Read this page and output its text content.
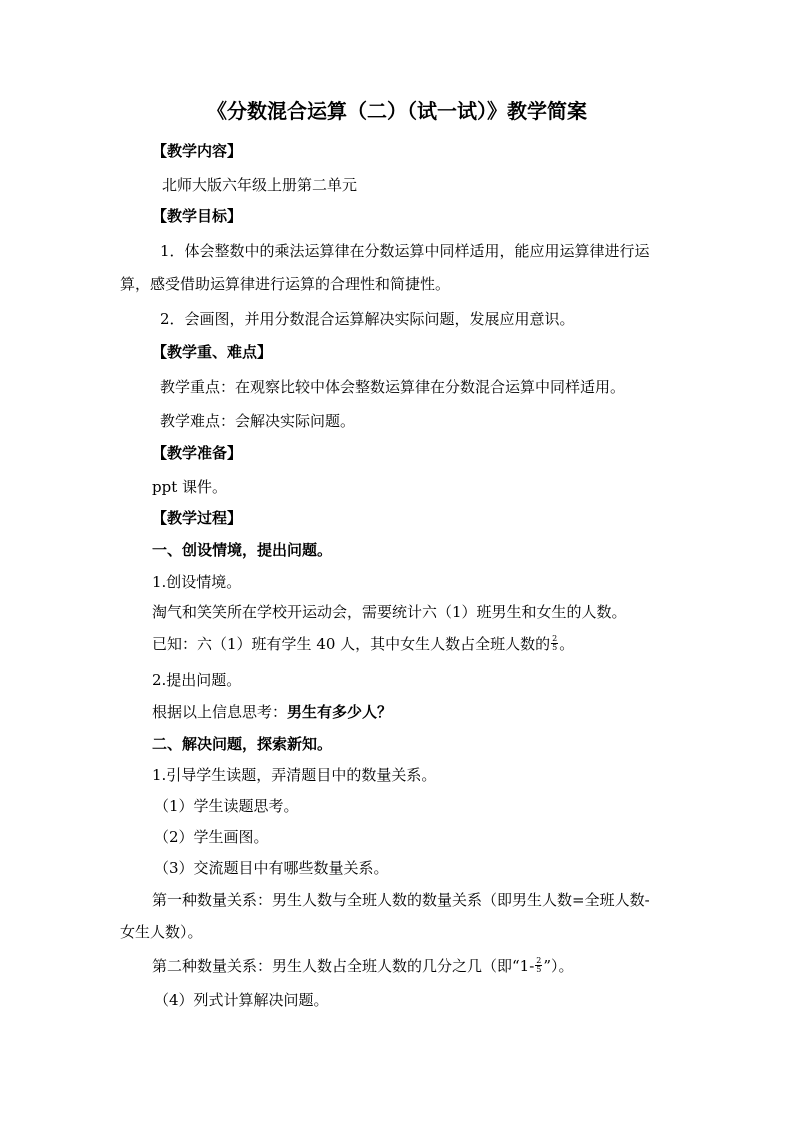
《分数混合运算（二）（试一试）》教学简案
【教学内容】
北师大版六年级上册第二单元
【教学目标】
1．体会整数中的乘法运算律在分数运算中同样适用，能应用运算律进行运
算，感受借助运算律进行运算的合理性和简捷性。
2．会画图，并用分数混合运算解决实际问题，发展应用意识。
【教学重、难点】
教学重点：在观察比较中体会整数运算律在分数混合运算中同样适用。
教学难点：会解决实际问题。
【教学准备】
ppt 课件。
【教学过程】
一、创设情境，提出问题。
1.创设情境。
淘气和笑笑所在学校开运动会，需要统计六（1）班男生和女生的人数。
已知：六（1）班有学生 40 人，其中女生人数占全班人数的 $\frac{2}{5}$ 。
2.提出问题。
根据以上信息思考：男生有多少人？
二、解决问题，探索新知。
1.引导学生读题，弄清题目中的数量关系。
（1）学生读题思考。
（2）学生画图。
（3）交流题目中有哪些数量关系。
第一种数量关系：男生人数与全班人数的数量关系（即男生人数=全班人数-
女生人数）。
第二种数量关系：男生人数占全班人数的几分之几（即“$1- \frac{2}{5}$ ”）。
（4）列式计算解决问题。
